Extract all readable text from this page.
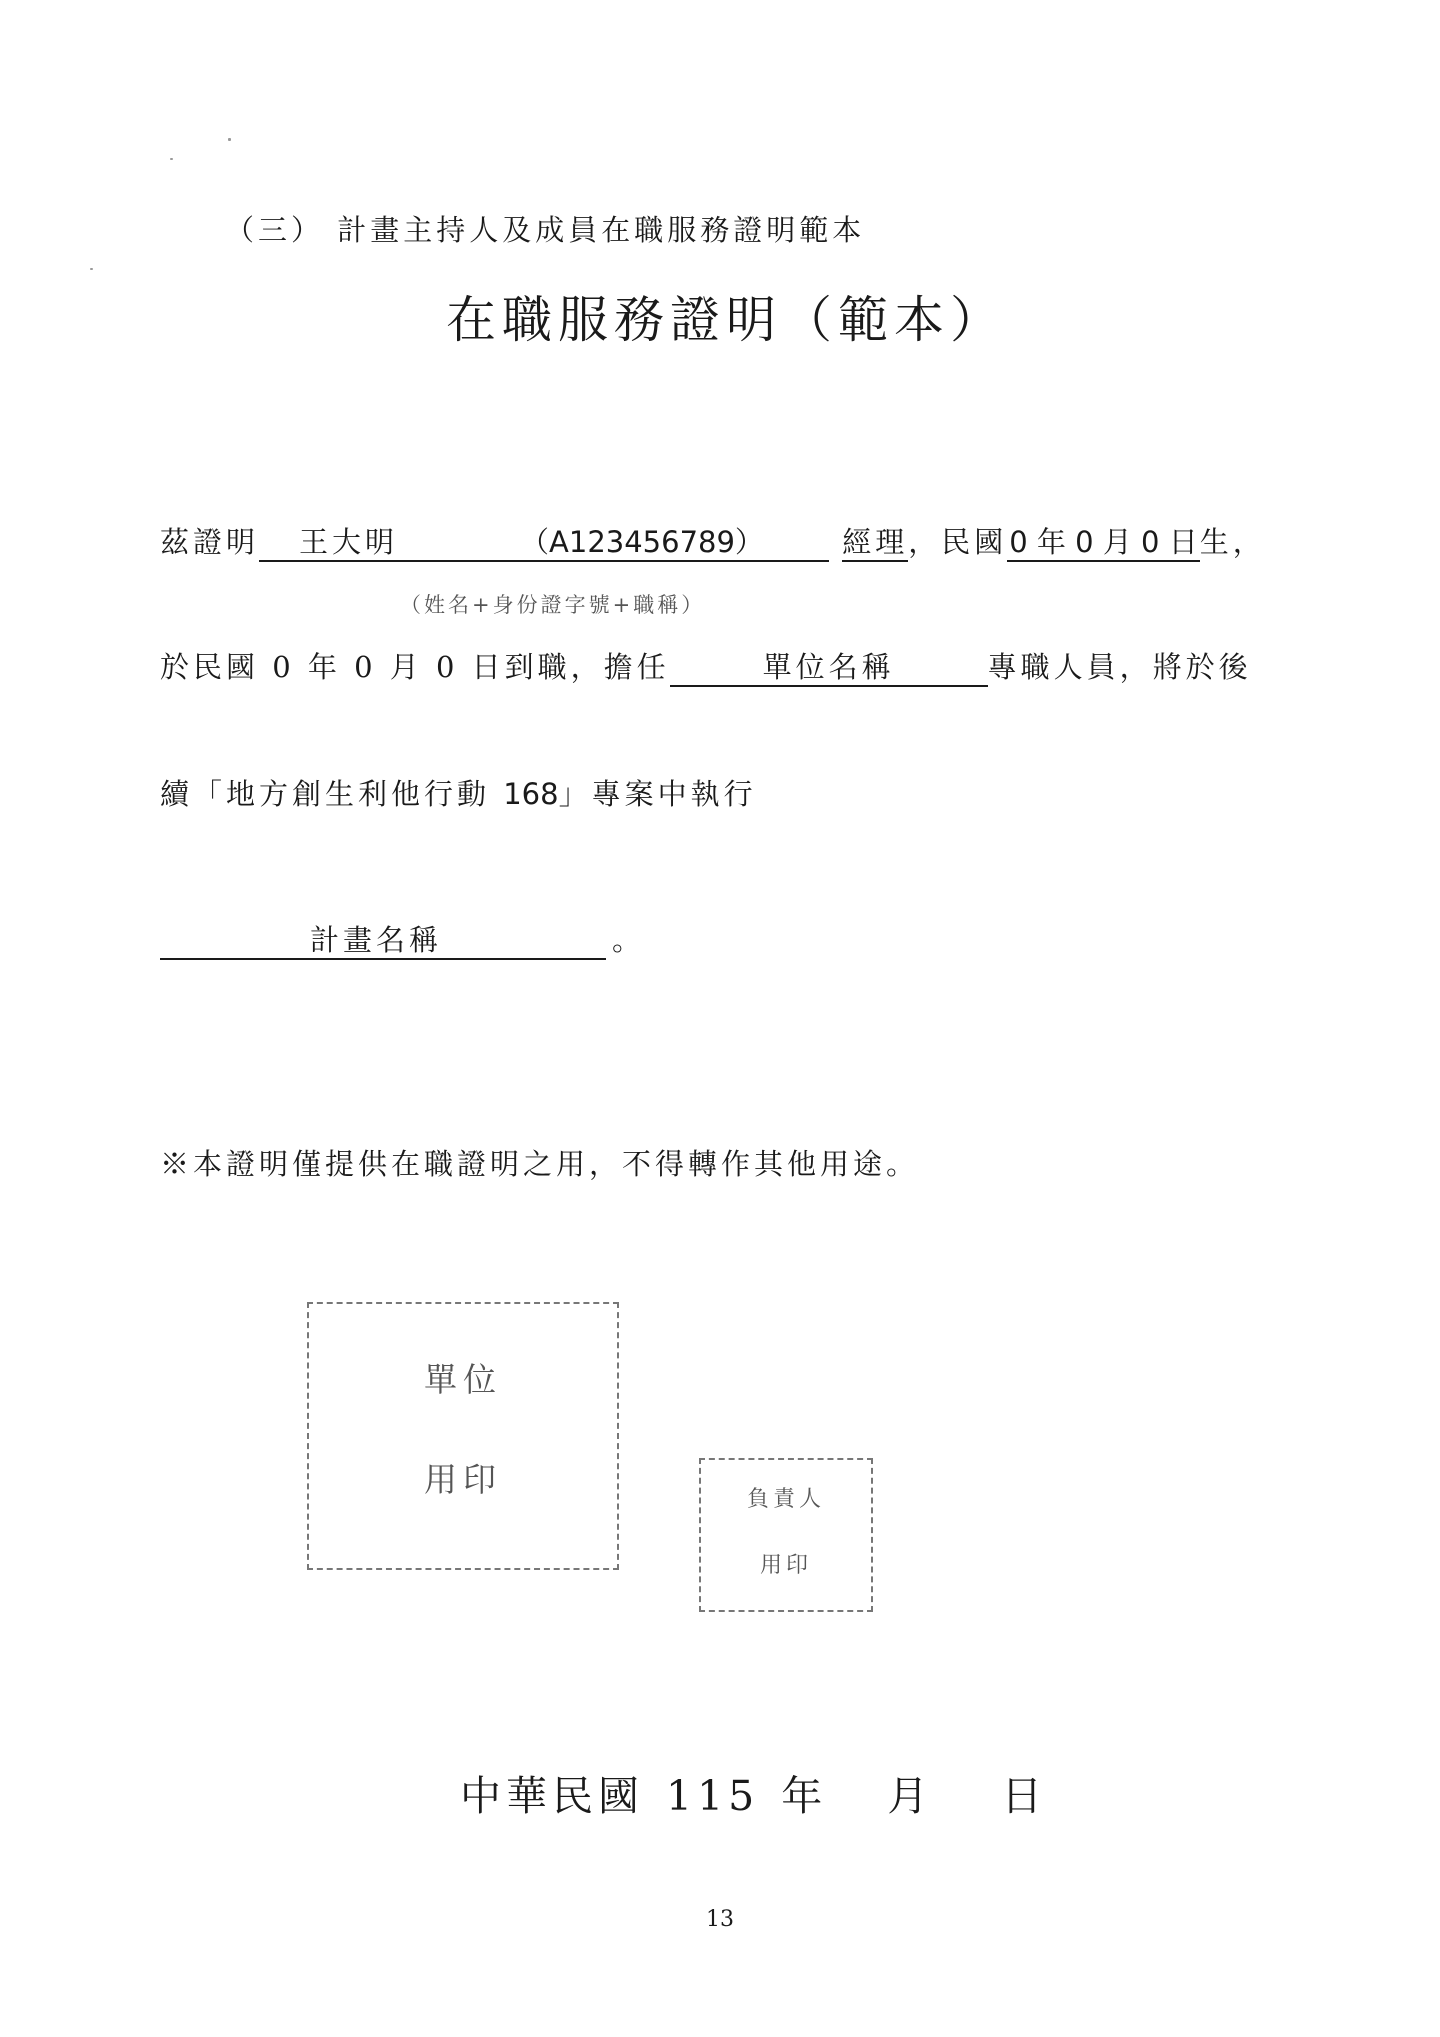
（三） 計畫主持人及成員在職服務證明範本
在職服務證明（範本）
茲證明 王大明	（A123456789）	經理，民國0 年 0 月 0 日生，
（姓名+身份證字號+職稱）
於民國 0 年 0 月 0 日到職，擔任	單位名稱	專職人員，將於後
續「地方創生利他行動 168」專案中執行
計畫名稱	。
※本證明僅提供在職證明之用，不得轉作其他用途。
單位
用印
負責人
用印
中華民國 115 年 月 日
13
